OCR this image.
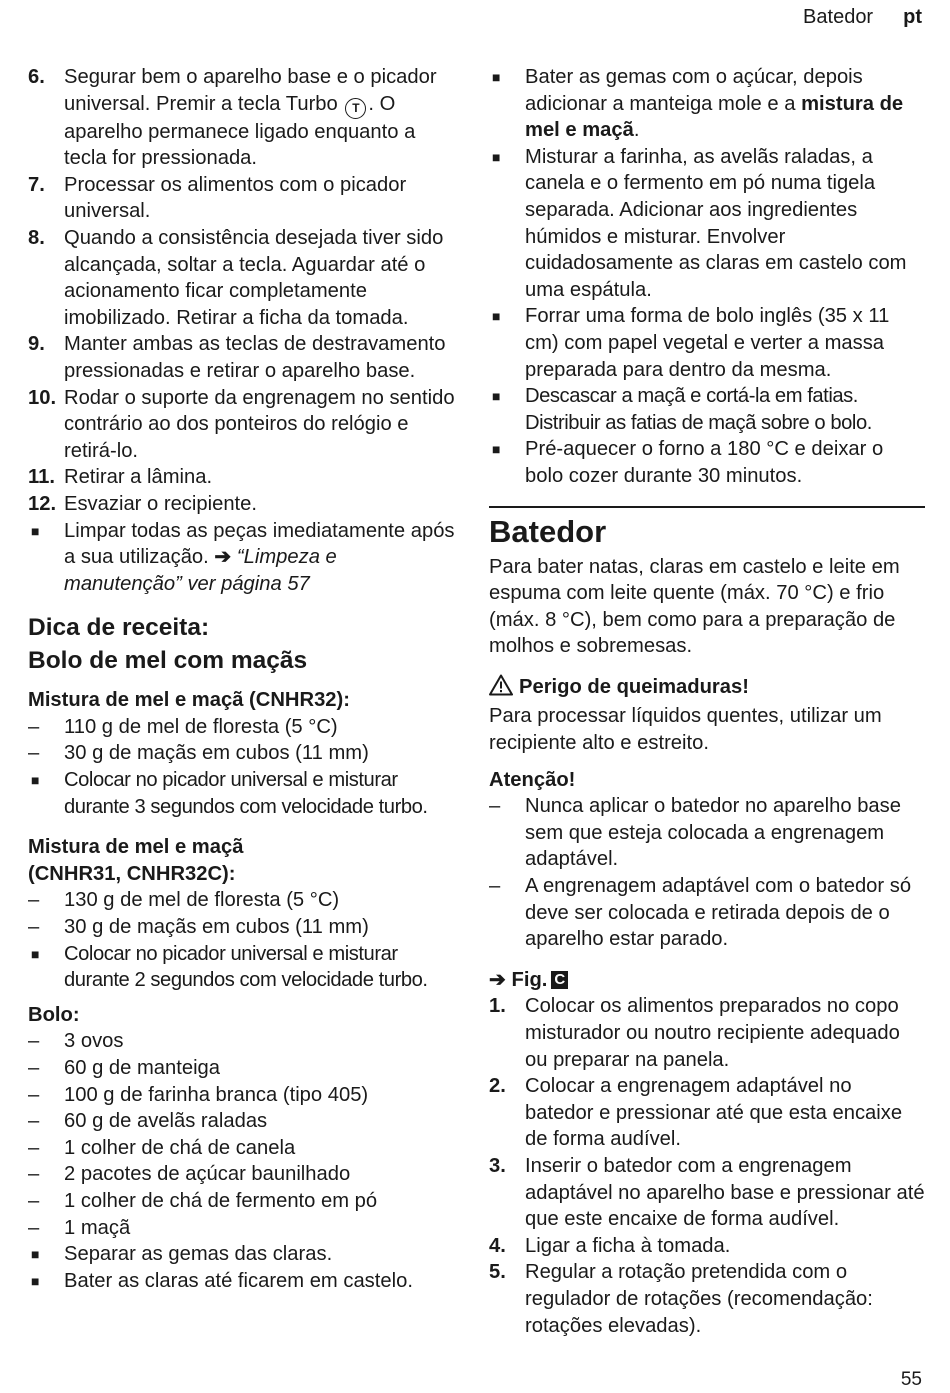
Batedor pt
6. Segurar bem o aparelho base e o picador universal. Premir a tecla Turbo T . O aparelho permanece ligado enquanto a tecla for pressionada.
7. Processar os alimentos com o picador universal.
8. Quando a consistência desejada tiver sido alcançada, soltar a tecla. Aguardar até o acionamento ficar completamente imobilizado. Retirar a ficha da tomada.
9. Manter ambas as teclas de destravamento pressionadas e retirar o aparelho base.
10. Rodar o suporte da engrenagem no sentido contrário ao dos ponteiros do relógio e retirá-lo.
11. Retirar a lâmina.
12. Esvaziar o recipiente.
■	Limpar todas as peças imediatamente após a sua utilização. ➔ “Limpeza e manutenção” ver página 57
Dica de receita:
Bolo de mel com maçãs
Mistura de mel e maçã (CNHR32):
–	110 g de mel de floresta (5 °C)
–	30 g de maçãs em cubos (11 mm)
■	Colocar no picador universal e misturar durante 3 segundos com velocidade turbo.
Mistura de mel e maçã
(CNHR31, CNHR32C):
–	130 g de mel de floresta (5 °C)
–	30 g de maçãs em cubos (11 mm)
■	Colocar no picador universal e misturar durante 2 segundos com velocidade turbo.
Bolo:
–	3 ovos
–	60 g de manteiga
–	100 g de farinha branca (tipo 405)
–	60 g de avelãs raladas
–	1 colher de chá de canela
–	2 pacotes de açúcar baunilhado
–	1 colher de chá de fermento em pó
–	1 maçã
■	Separar as gemas das claras.
■	Bater as claras até ficarem em castelo.
■	Bater as gemas com o açúcar, depois adicionar a manteiga mole e a mistura de mel e maçã.
■	Misturar a farinha, as avelãs raladas, a canela e o fermento em pó numa tigela separada. Adicionar aos ingredientes húmidos e misturar. Envolver cuidadosamente as claras em castelo com uma espátula.
■	Forrar uma forma de bolo inglês (35 x 11 cm) com papel vegetal e verter a massa preparada para dentro da mesma.
■	Descascar a maçã e cortá-la em fatias. Distribuir as fatias de maçã sobre o bolo.
■	Pré-aquecer o forno a 180 °C e deixar o bolo cozer durante 30 minutos.
Batedor
Para bater natas, claras em castelo e leite em espuma com leite quente (máx. 70 °C) e frio (máx. 8 °C), bem como para a preparação de molhos e sobremesas.
Perigo de queimaduras!
Para processar líquidos quentes, utilizar um recipiente alto e estreito.
Atenção!
–	Nunca aplicar o batedor no aparelho base sem que esteja colocada a engrenagem adaptável.
–	A engrenagem adaptável com o batedor só deve ser colocada e retirada depois de o aparelho estar parado.
➔ Fig. C
1. Colocar os alimentos preparados no copo misturador ou noutro recipiente adequado ou preparar na panela.
2. Colocar a engrenagem adaptável no batedor e pressionar até que esta encaixe de forma audível.
3. Inserir o batedor com a engrenagem adaptável no aparelho base e pressionar até que este encaixe de forma audível.
4. Ligar a ficha à tomada.
5. Regular a rotação pretendida com o regulador de rotações (recomendação: rotações elevadas).
55
